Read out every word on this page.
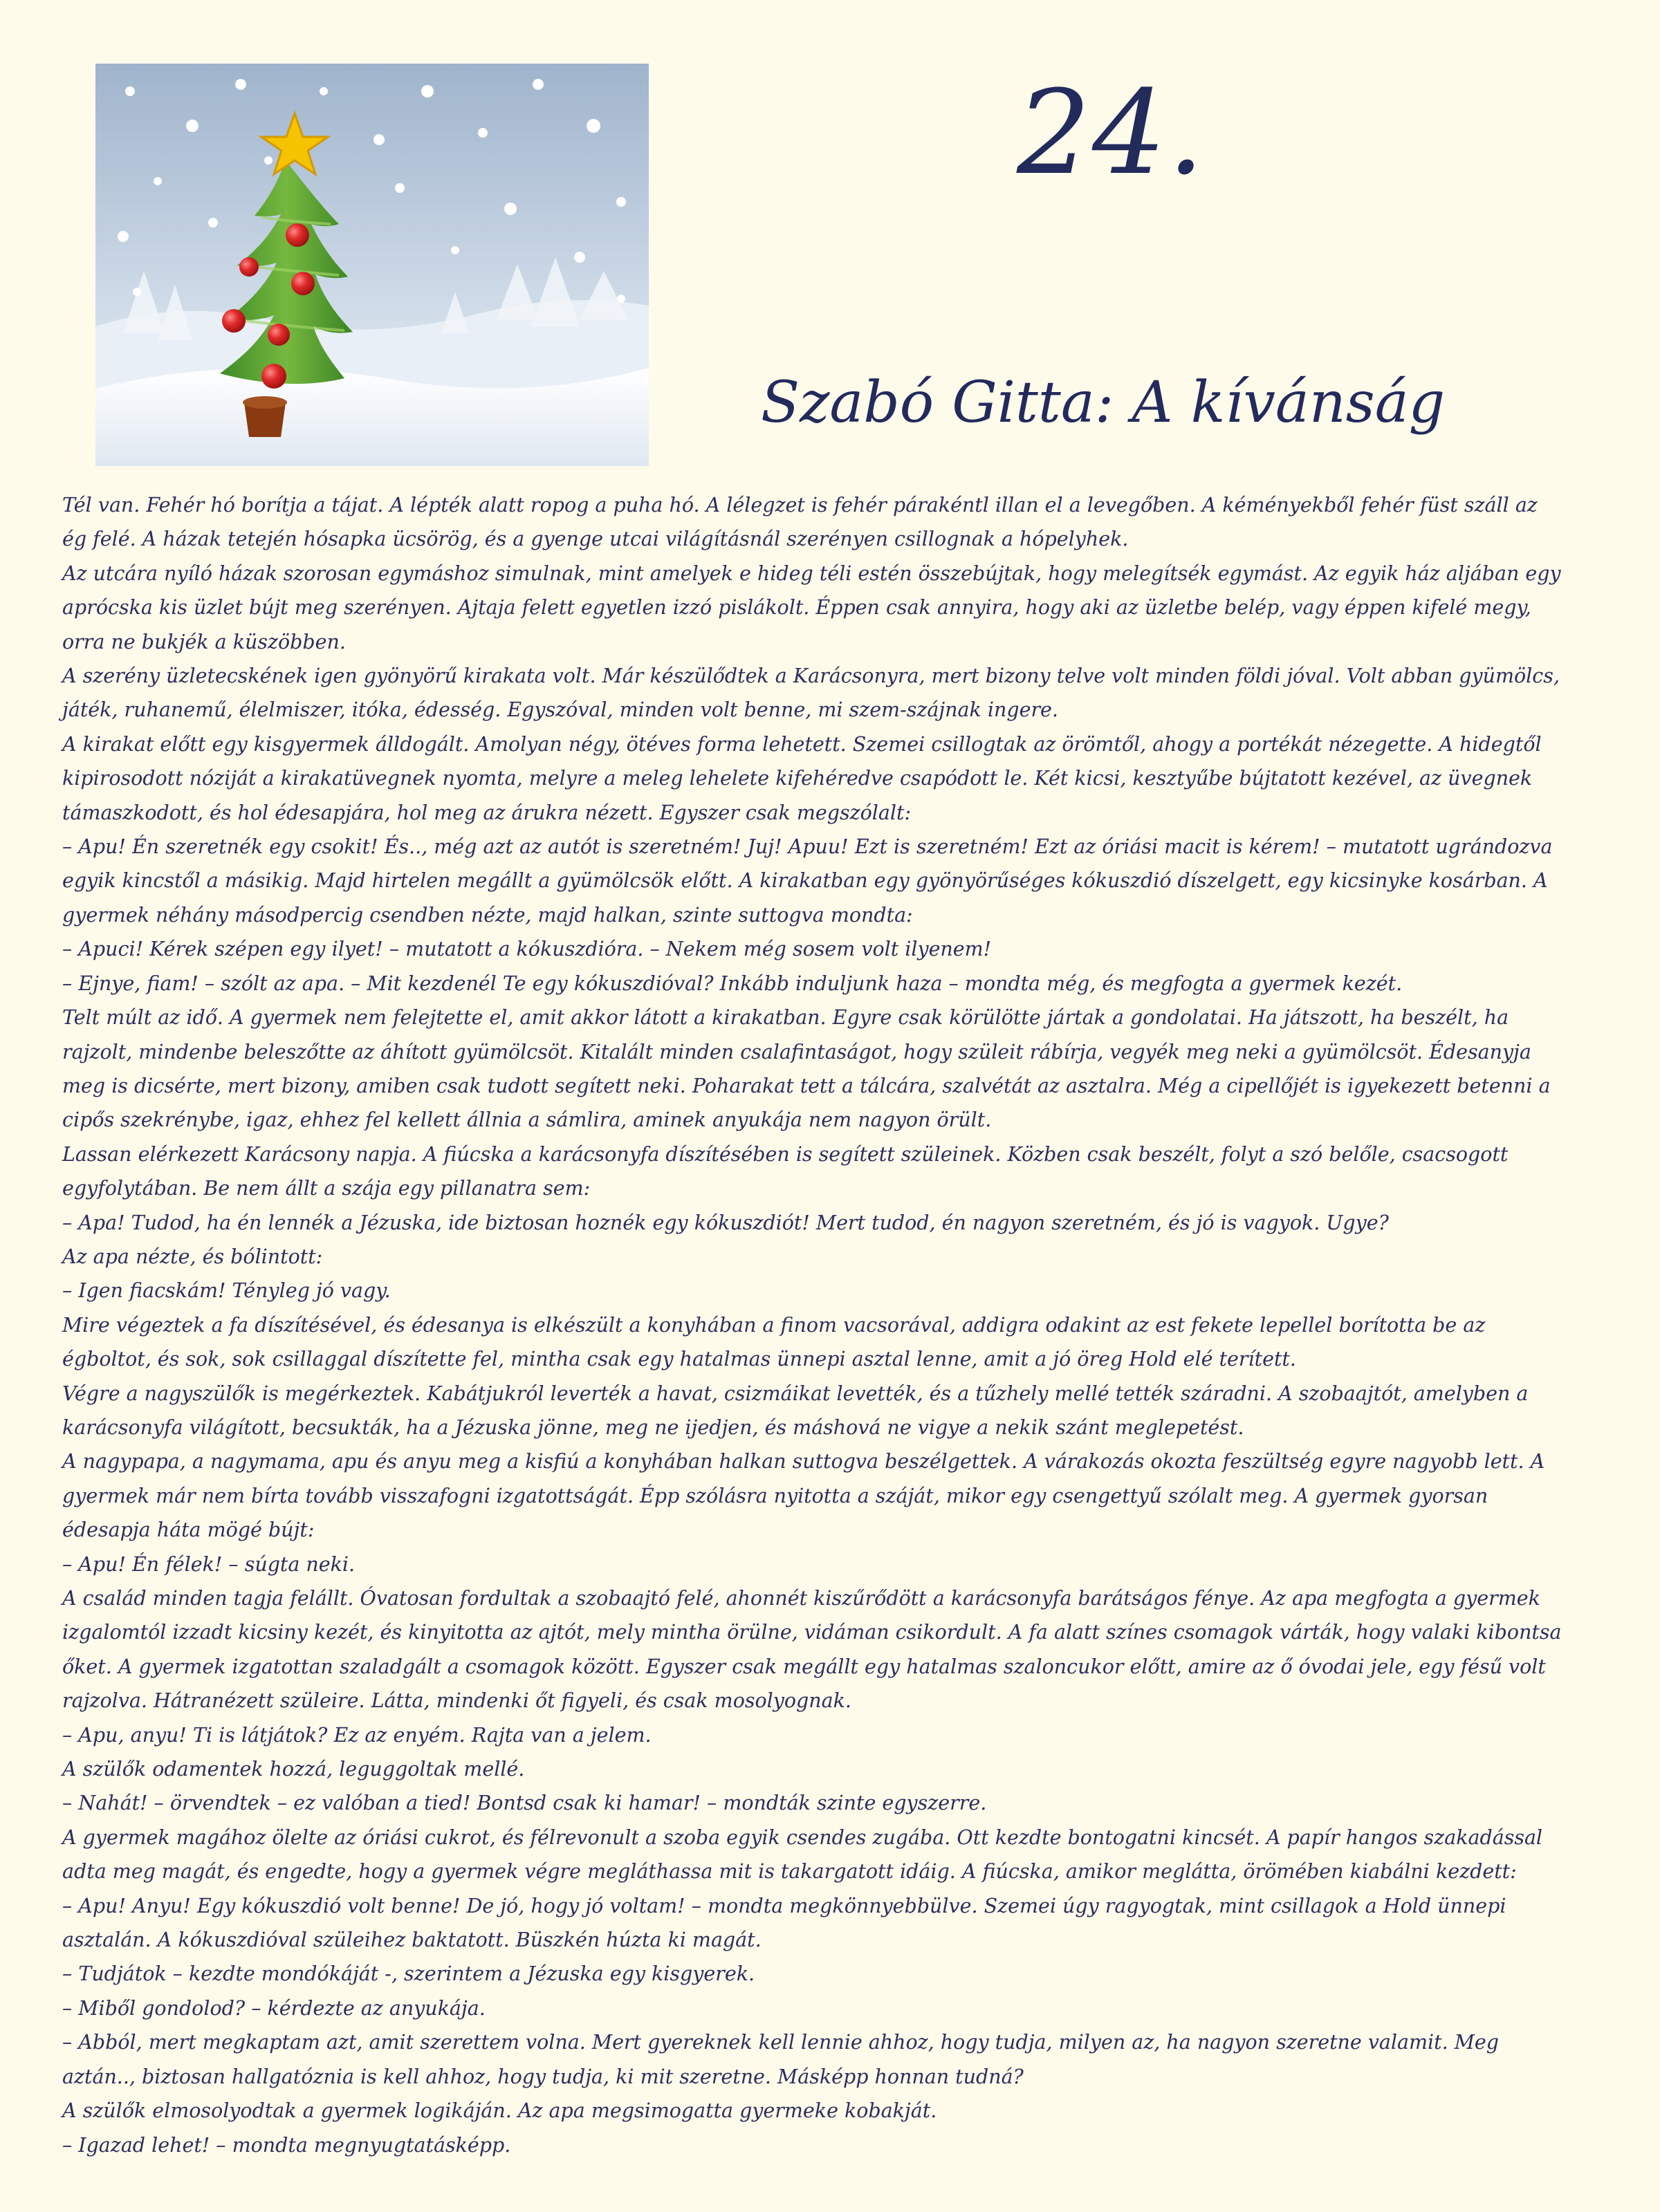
24.
Szabó Gitta: A kívánság

Tél van. Fehér hó borítja a tájat. A lépték alatt ropog a puha hó. A lélegzet is fehér párakéntl illan el a levegőben. A kéményekből fehér füst száll az ég felé. A házak tetején hósapka ücsörög, és a gyenge utcai világításnál szerényen csillognak a hópelyhek.

Az utcára nyíló házak szorosan egymáshoz simulnak, mint amelyek e hideg téli estén összebújtak, hogy melegítsék egymást. Az egyik ház aljában egy aprócska kis üzlet bújt meg szerényen. Ajtaja felett egyetlen izzó pislákolt. Éppen csak annyira, hogy aki az üzletbe belép, vagy éppen kifelé megy, orra ne bukjék a küszöbben.

A szerény üzletecskének igen gyönyörű kirakata volt. Már készülődtek a Karácsonyra, mert bizony telve volt minden földi jóval. Volt abban gyümölcs, játék, ruhanemű, élelmiszer, itóka, édesség. Egyszóval, minden volt benne, mi szem-szájnak ingere.

A kirakat előtt egy kisgyermek álldogált. Amolyan négy, ötéves forma lehetett. Szemei csillogtak az örömtől, ahogy a portékát nézegette. A hidegtől kipirosodott nóziját a kirakatüvegnek nyomta, melyre a meleg lehelete kifehéredve csapódott le. Két kicsi, kesztyűbe bújtatott kezével, az üvegnek támaszkodott, és hol édesapjára, hol meg az árukra nézett. Egyszer csak megszólalt:

– Apu! Én szeretnék egy csokit! És.., még azt az autót is szeretném! Juj! Apuu! Ezt is szeretném! Ezt az óriási macit is kérem! – mutatott ugrándozva egyik kincstől a másikig. Majd hirtelen megállt a gyümölcsök előtt. A kirakatban egy gyönyörűséges kókuszdió díszelgett, egy kicsinyke kosárban. A gyermek néhány másodpercig csendben nézte, majd halkan, szinte suttogva mondta:

– Apuci! Kérek szépen egy ilyet! – mutatott a kókuszdióra. – Nekem még sosem volt ilyenem!

– Ejnye, fiam! – szólt az apa. – Mit kezdenél Te egy kókuszdióval? Inkább induljunk haza – mondta még, és megfogta a gyermek kezét.

Telt múlt az idő. A gyermek nem felejtette el, amit akkor látott a kirakatban. Egyre csak körülötte jártak a gondolatai. Ha játszott, ha beszélt, ha rajzolt, mindenbe beleszőtte az áhított gyümölcsöt. Kitalált minden csalafintaságot, hogy szüleit rábírja, vegyék meg neki a gyümölcsöt. Édesanyja meg is dicsérte, mert bizony, amiben csak tudott segített neki. Poharakat tett a tálcára, szalvétát az asztalra. Még a cipellőjét is igyekezett betenni a cipős szekrénybe, igaz, ehhez fel kellett állnia a sámlira, aminek anyukája nem nagyon örült.

Lassan elérkezett Karácsony napja. A fiúcska a karácsonyfa díszítésében is segített szüleinek. Közben csak beszélt, folyt a szó belőle, csacsogott egyfolytában. Be nem állt a szája egy pillanatra sem:

– Apa! Tudod, ha én lennék a Jézuska, ide biztosan hoznék egy kókuszdiót! Mert tudod, én nagyon szeretném, és jó is vagyok. Ugye?

Az apa nézte, és bólintott:

– Igen fiacskám! Tényleg jó vagy.

Mire végeztek a fa díszítésével, és édesanya is elkészült a konyhában a finom vacsorával, addigra odakint az est fekete lepellel borította be az égboltot, és sok, sok csillaggal díszítette fel, mintha csak egy hatalmas ünnepi asztal lenne, amit a jó öreg Hold elé terített.

Végre a nagyszülők is megérkeztek. Kabátjukról leverték a havat, csizmáikat levették, és a tűzhely mellé tették száradni. A szobaajtót, amelyben a karácsonyfa világított, becsukták, ha a Jézuska jönne, meg ne ijedjen, és máshová ne vigye a nekik szánt meglepetést.

A nagypapa, a nagymama, apu és anyu meg a kisfiú a konyhában halkan suttogva beszélgettek. A várakozás okozta feszültség egyre nagyobb lett. A gyermek már nem bírta tovább visszafogni izgatottságát. Épp szólásra nyitotta a száját, mikor egy csengettyű szólalt meg. A gyermek gyorsan édesapja háta mögé bújt:

– Apu! Én félek! – súgta neki.

A család minden tagja felállt. Óvatosan fordultak a szobaajtó felé, ahonnét kiszűrődött a karácsonyfa barátságos fénye. Az apa megfogta a gyermek izgalomtól izzadt kicsiny kezét, és kinyitotta az ajtót, mely mintha örülne, vidáman csikordult. A fa alatt színes csomagok várták, hogy valaki kibontsa őket. A gyermek izgatottan szaladgált a csomagok között. Egyszer csak megállt egy hatalmas szaloncukor előtt, amire az ő óvodai jele, egy fésű volt rajzolva. Hátranézett szüleire. Látta, mindenki őt figyeli, és csak mosolyognak.

– Apu, anyu! Ti is látjátok? Ez az enyém. Rajta van a jelem.

A szülők odamentek hozzá, leguggoltak mellé.

– Nahát! – örvendtek – ez valóban a tied! Bontsd csak ki hamar! – mondták szinte egyszerre.

A gyermek magához ölelte az óriási cukrot, és félrevonult a szoba egyik csendes zugába. Ott kezdte bontogatni kincsét. A papír hangos szakadással adta meg magát, és engedte, hogy a gyermek végre megláthassa mit is takargatott idáig. A fiúcska, amikor meglátta, örömében kiabálni kezdett:

– Apu! Anyu! Egy kókuszdió volt benne! De jó, hogy jó voltam! – mondta megkönnyebbülve. Szemei úgy ragyogtak, mint csillagok a Hold ünnepi asztalán. A kókuszdióval szüleihez baktatott. Büszkén húzta ki magát.

– Tudjátok – kezdte mondókáját -, szerintem a Jézuska egy kisgyerek.

– Miből gondolod? – kérdezte az anyukája.

– Abból, mert megkaptam azt, amit szerettem volna. Mert gyereknek kell lennie ahhoz, hogy tudja, milyen az, ha nagyon szeretne valamit. Meg aztán.., biztosan hallgatóznia is kell ahhoz, hogy tudja, ki mit szeretne. Másképp honnan tudná?

A szülők elmosolyodtak a gyermek logikáján. Az apa megsimogatta gyermeke kobakját.

– Igazad lehet! – mondta megnyugtatásképp.
